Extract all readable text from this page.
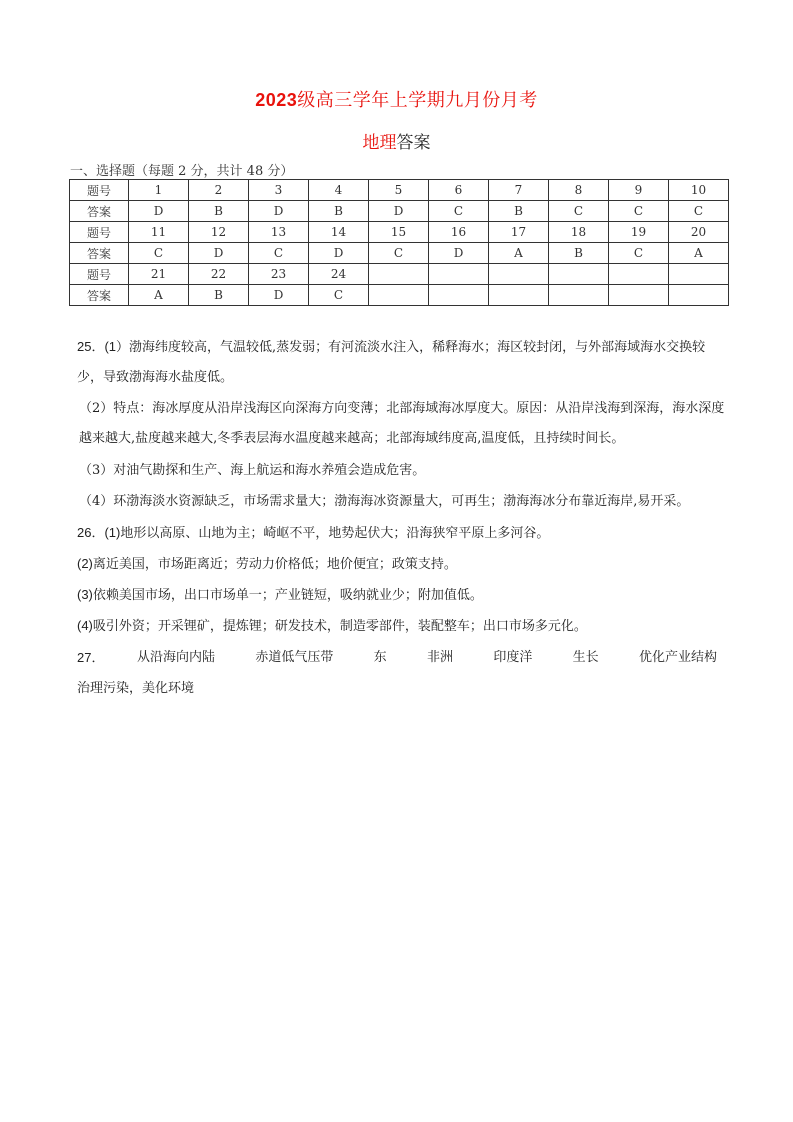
2023级高三学年上学期九月份月考
地理答案
一、选择题（每题 2 分，共计 48 分）
题号	1	2	3	4	5	6	7	8	9	10
答案	D	B	D	B	D	C	B	C	C	C
题号	11	12	13	14	15	16	17	18	19	20
答案	C	D	C	D	C	D	A	B	C	A
题号	21	22	23	24						
答案	A	B	D	C						
25．(1）渤海纬度较高，气温较低,蒸发弱；有河流淡水注入，稀释海水；海区较封闭，与外部海域海水交换较少，导致渤海海水盐度低。
（2）特点：海冰厚度从沿岸浅海区向深海方向变薄；北部海域海冰厚度大。原因：从沿岸浅海到深海，海水深度越来越大,盐度越来越大,冬季表层海水温度越来越高；北部海域纬度高,温度低，且持续时间长。
（3）对油气勘探和生产、海上航运和海水养殖会造成危害。
（4）环渤海淡水资源缺乏，市场需求量大；渤海海冰资源量大，可再生；渤海海冰分布靠近海岸,易开采。
26．(1)地形以高原、山地为主；崎岖不平，地势起伏大；沿海狭窄平原上多河谷。
(2)离近美国，市场距离近；劳动力价格低；地价便宜；政策支持。
(3)依赖美国市场，出口市场单一；产业链短，吸纳就业少；附加值低。
(4)吸引外资；开采锂矿，提炼锂；研发技术，制造零部件，装配整车；出口市场多元化。
27．	从沿海向内陆	赤道低气压带	东	非洲	印度洋	生长	优化产业结构
治理污染，美化环境
